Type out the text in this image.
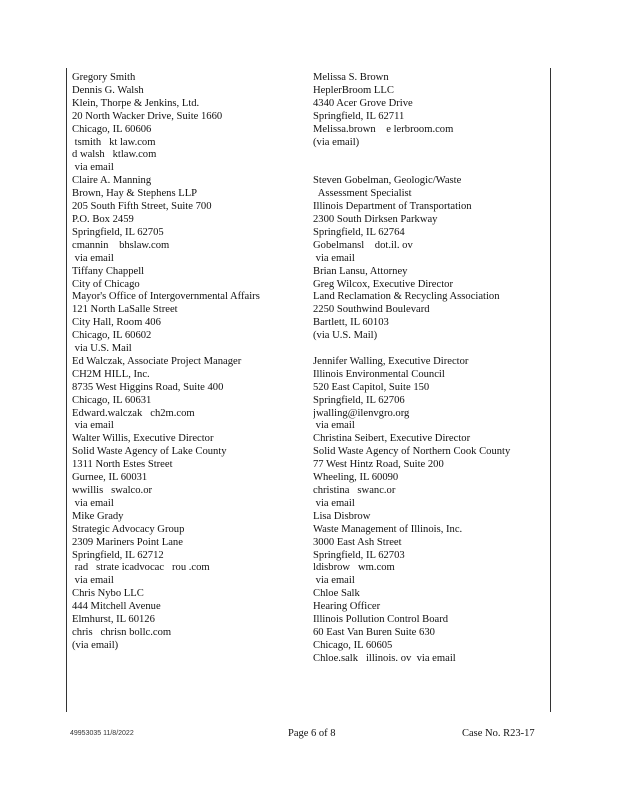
Gregory Smith
Dennis G. Walsh
Klein, Thorpe & Jenkins, Ltd.
20 North Wacker Drive, Suite 1660
Chicago, IL 60606
tsmith   kt law.com
d walsh   ktlaw.com
via email
Claire A. Manning
Brown, Hay & Stephens LLP
205 South Fifth Street, Suite 700
P.O. Box 2459
Springfield, IL 62705
cmannin    bhslaw.com
via email
Tiffany Chappell
City of Chicago
Mayor's Office of Intergovernmental Affairs
121 North LaSalle Street
City Hall, Room 406
Chicago, IL 60602
via U.S. Mail
Ed Walczak, Associate Project Manager
CH2M HILL, Inc.
8735 West Higgins Road, Suite 400
Chicago, IL 60631
Edward.walczak   ch2m.com
via email
Walter Willis, Executive Director
Solid Waste Agency of Lake County
1311 North Estes Street
Gurnee, IL 60031
wwillis   swalco.or
via email
Mike Grady
Strategic Advocacy Group
2309 Mariners Point Lane
Springfield, IL 62712
rad   strate icadvocac   rou .com
via email
Chris Nybo LLC
444 Mitchell Avenue
Elmhurst, IL 60126
chris   chrisn bollc.com
(via email)
Melissa S. Brown
HeplerBroom LLC
4340 Acer Grove Drive
Springfield, IL 62711
Melissa.brown    e lerbroom.com
(via email)

Steven Gobelman, Geologic/Waste
Assessment Specialist
Illinois Department of Transportation
2300 South Dirksen Parkway
Springfield, IL 62764
Gobelmansl    dot.il. ov
via email
Brian Lansu, Attorney
Greg Wilcox, Executive Director
Land Reclamation & Recycling Association
2250 Southwind Boulevard
Bartlett, IL 60103
(via U.S. Mail)

Jennifer Walling, Executive Director
Illinois Environmental Council
520 East Capitol, Suite 150
Springfield, IL 62706
jwalling@ilenvgro.org
via email
Christina Seibert, Executive Director
Solid Waste Agency of Northern Cook County
77 West Hintz Road, Suite 200
Wheeling, IL 60090
christina   swanc.or
via email
Lisa Disbrow
Waste Management of Illinois, Inc.
3000 East Ash Street
Springfield, IL 62703
ldisbrow   wm.com
via email
Chloe Salk
Hearing Officer
Illinois Pollution Control Board
60 East Van Buren Suite 630
Chicago, IL 60605
Chloe.salk   illinois. ov  via email
49953035 11/8/2022	Page 6 of 8	Case No. R23-17
